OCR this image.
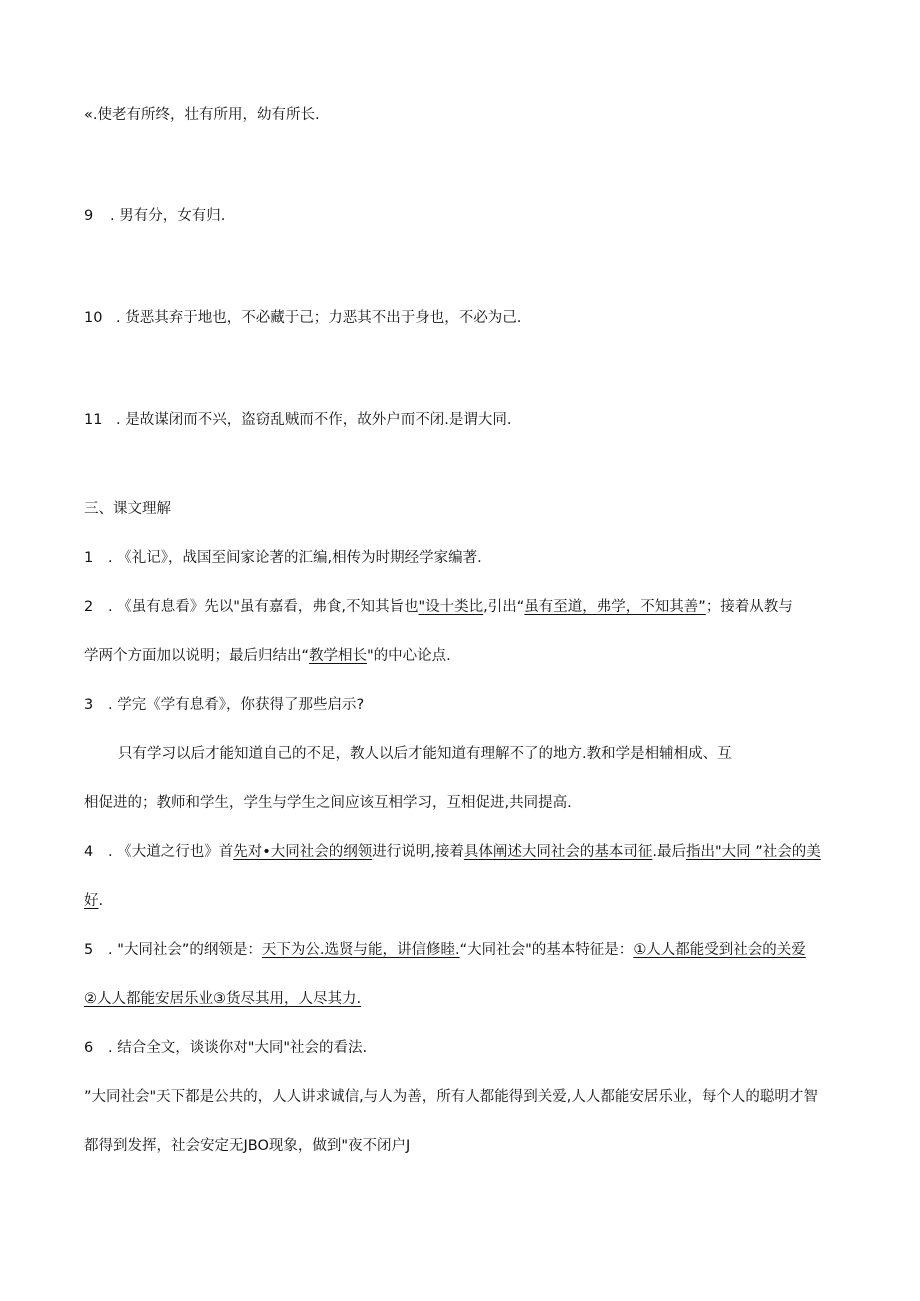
«.使老有所终，壮有所用，幼有所长.
9 . 男有分，女有归.
10 . 货恶其弃于地也，不必藏于己；力恶其不出于身也，不必为己.
11 . 是故谋闭而不兴，盗窃乱贼而不作，故外户而不闭.是谓大同.
三、课文理解
1 . 《礼记》，战国至间家论著的汇编,相传为时期经学家编著.
2 . 《虽有息看》先以"虽有嘉看，弗食,不知其旨也"设十类比,引出“虽有至道，弗学，不知其善”；接着从教与
学两个方面加以说明；最后归结出“教学相长"的中心论点.
3 . 学完《学有息肴》，你获得了那些启示?
只有学习以后才能知道自己的不足，教人以后才能知道有理解不了的地方.教和学是相辅相成、互
相促进的；教师和学生，学生与学生之间应该互相学习，互相促进,共同提高.
4 . 《大道之行也》首先对•大同社会的纲领进行说明,接着具体阐述大同社会的基本司征.最后指出"大同 ”社会的美
好.
5 . "大同社会”的纲领是：天下为公.选贤与能，讲信修睦.“大同社会"的基本特征是：①人人都能受到社会的关爱
②人人都能安居乐业③货尽其用，人尽其力.
6 . 结合全文，谈谈你对"大同"社会的看法.
”大同社会"天下都是公共的，人人讲求诚信,与人为善，所有人都能得到关爱,人人都能安居乐业，每个人的聪明才智
都得到发挥，社会安定无JBO现象，做到"夜不闭户J
